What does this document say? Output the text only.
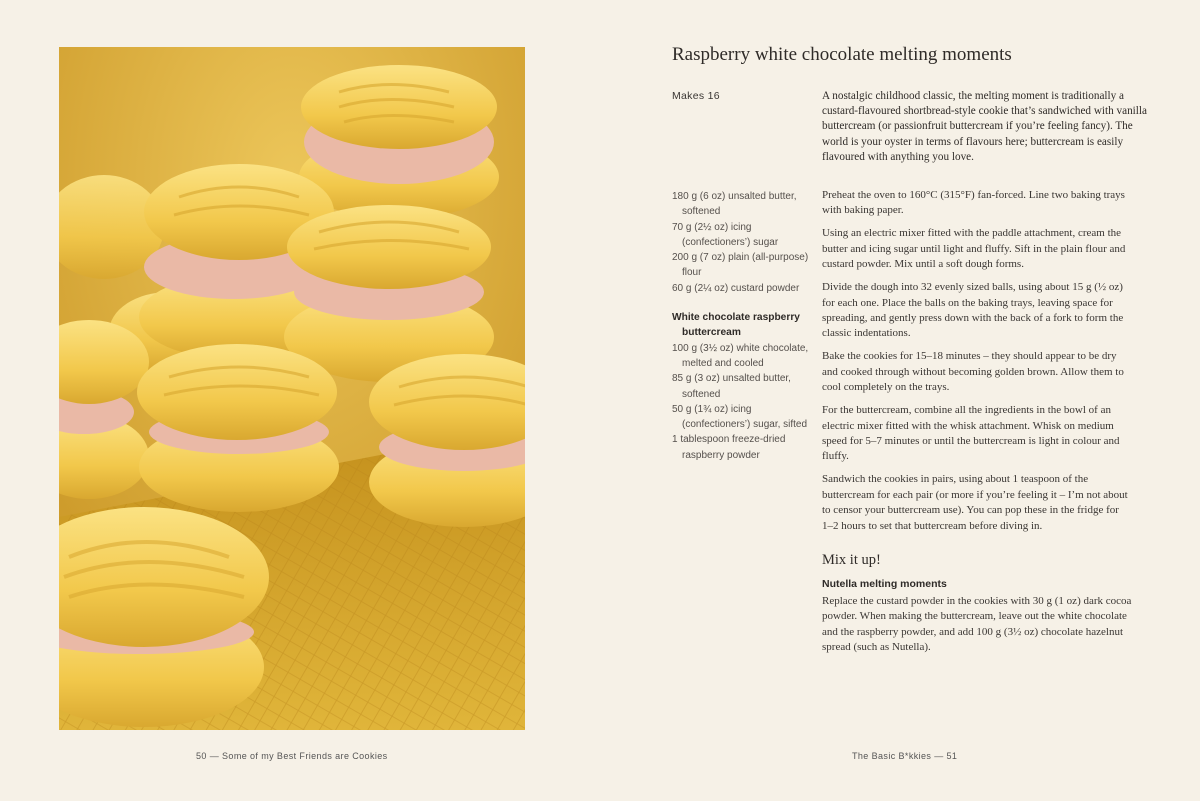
50 — Some of my Best Friends are Cookies
Raspberry white chocolate melting moments
Makes 16	A nostalgic childhood classic, the melting moment is traditionally a custard-flavoured shortbread-style cookie that’s sandwiched with vanilla buttercream (or passionfruit buttercream if you’re feeling fancy). The world is your oyster in terms of flavours here; buttercream is easily flavoured with anything you love.

180 g (6 oz) unsalted butter, softened

70 g (2½ oz) icing (confectioners’) sugar

200 g (7 oz) plain (all-purpose) flour

60 g (2¼ oz) custard powder

White chocolate raspberry buttercream

100 g (3½ oz) white chocolate, melted and cooled

85 g (3 oz) unsalted butter, softened

50 g (1¾ oz) icing (confectioners’) sugar, sifted

1 tablespoon freeze-dried raspberry powder

Preheat the oven to 160°C (315°F) fan-forced. Line two baking trays with baking paper.

Using an electric mixer fitted with the paddle attachment, cream the butter and icing sugar until light and fluffy. Sift in the plain flour and custard powder. Mix until a soft dough forms.

Divide the dough into 32 evenly sized balls, using about 15 g (½ oz) for each one. Place the balls on the baking trays, leaving space for spreading, and gently press down with the back of a fork to form the classic indentations.

Bake the cookies for 15–18 minutes – they should appear to be dry and cooked through without becoming golden brown. Allow them to cool completely on the trays.

For the buttercream, combine all the ingredients in the bowl of an electric mixer fitted with the whisk attachment. Whisk on medium speed for 5–7 minutes or until the buttercream is light in colour and fluffy.

Sandwich the cookies in pairs, using about 1 teaspoon of the buttercream for each pair (or more if you’re feeling it – I’m not about to censor your buttercream use). You can pop these in the fridge for 1–2 hours to set that buttercream before diving in.

Mix it up!

Nutella melting moments

Replace the custard powder in the cookies with 30 g (1 oz) dark cocoa powder. When making the buttercream, leave out the white chocolate and the raspberry powder, and add 100 g (3½ oz) chocolate hazelnut spread (such as Nutella).

The Basic B*kkies — 51
